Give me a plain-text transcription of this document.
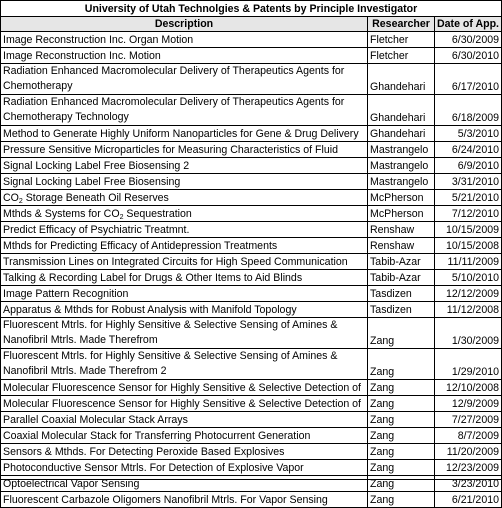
University of Utah Technolgies & Patents by Principle Investigator		
Description	Researcher	Date of App.
Image Reconstruction Inc. Organ Motion	Fletcher	6/30/2009
Image Reconstruction Inc. Motion	Fletcher	6/30/2010
Radiation Enhanced Macromolecular Delivery of Therapeutics Agents for Chemotherapy	Ghandehari	6/17/2010
Radiation Enhanced Macromolecular Delivery of Therapeutics Agents for Chemotherapy Technology	Ghandehari	6/18/2009
Method to Generate Highly Uniform Nanoparticles for Gene & Drug Delivery	Ghandehari	5/3/2010
Pressure Sensitive Microparticles for Measuring Characteristics of Fluid	Mastrangelo	6/24/2010
Signal Locking Label Free Biosensing 2	Mastrangelo	6/9/2010
Signal Locking Label Free Biosensing	Mastrangelo	3/31/2010
$CO_2$ Storage Beneath Oil Reserves	McPherson	5/21/2010
Mthds & Systems for $CO_2$ Sequestration	McPherson	7/12/2010
Predict Efficacy of Psychiatric Treatmnt.	Renshaw	10/15/2009
Mthds for Predicting Efficacy of Antidepression Treatments	Renshaw	10/15/2008
Transmission Lines on Integrated Circuits for High Speed Communication	Tabib-Azar	11/11/2009
Talking & Recording Label for Drugs & Other Items to Aid Blinds	Tabib-Azar	5/10/2010
Image Pattern Recognition	Tasdizen	12/12/2009
Apparatus & Mthds for Robust Analysis with Manifold Topology	Tasdizen	11/12/2008
Fluorescent Mtrls. for Highly Sensitive & Selective Sensing of Amines & Nanofibril Mtrls. Made Therefrom	Zang	1/30/2009
Fluorescent Mtrls. for Highly Sensitive & Selective Sensing of Amines & Nanofibril Mtrls. Made Therefrom 2	Zang	1/29/2010
Molecular Fluorescence Sensor for Highly Sensitive & Selective Detection of	Zang	12/10/2008
Molecular Fluorescence Sensor for Highly Sensitive & Selective Detection of	Zang	12/9/2009
Parallel Coaxial Molecular Stack Arrays	Zang	7/27/2009
Coaxial Molecular Stack for Transferring Photocurrent Generation	Zang	8/7/2009
Sensors & Mthds. For Detecting Peroxide Based Explosives	Zang	11/20/2009
Photoconductive Sensor Mtrls. For Detection of Explosive Vapor	Zang	12/23/2009
Optoelectrical Vapor Sensing	Zang	3/23/2010
Fluorescent Carbazole Oligomers Nanofibril Mtrls. For Vapor Sensing	Zang	6/21/2010
